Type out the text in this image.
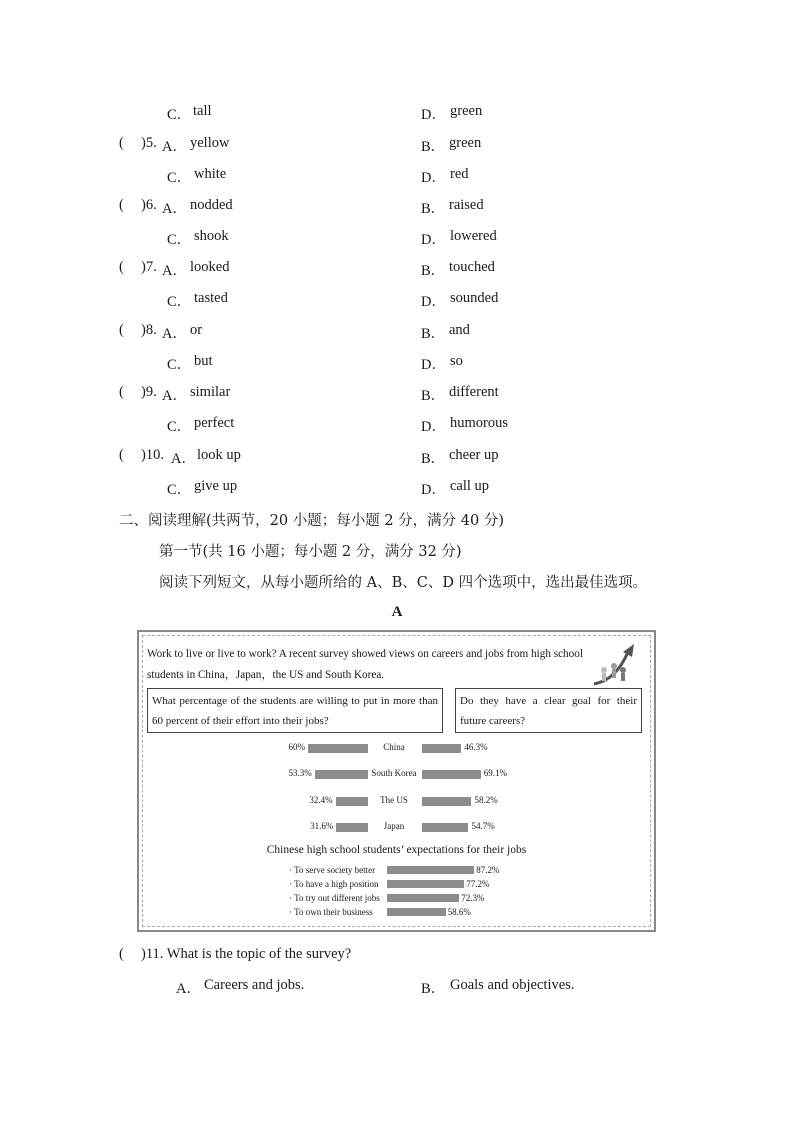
C． tall	D． green
( )5. A． yellow	B． green
C． white	D． red
( )6. A． nodded	B． raised
C． shook	D． lowered
( )7. A． looked	B． touched
C． tasted	D． sounded
( )8. A． or	B． and
C． but	D． so
( )9. A． similar	B． different
C． perfect	D． humorous
( )10. A． look up	B． cheer up
C． give up	D． call up
二、阅读理解(共两节，20 小题；每小题 2 分，满分 40 分)
第一节(共 16 小题；每小题 2 分，满分 32 分)
阅读下列短文，从每小题所给的 A、B、C、D 四个选项中，选出最佳选项。
A
Work to live or live to work? A recent survey showed views on careers and jobs from high school students in China，Japan，the US and South Korea.
What percentage of the students are willing to put in more than 60 percent of their effort into their jobs?
Do they have a clear goal for their future careers?
60%	China	46.3%
53.3%	South Korea	69.1%
32.4%	The US	58.2%
31.6%	Japan	54.7%
Chinese high school students’ expectations for their jobs
· To serve society better	87.2%
· To have a high position	77.2%
· To try out different jobs	72.3%
· To own their business	58.6%
( )11. What is the topic of the survey?
A． Careers and jobs.	B． Goals and objectives.
